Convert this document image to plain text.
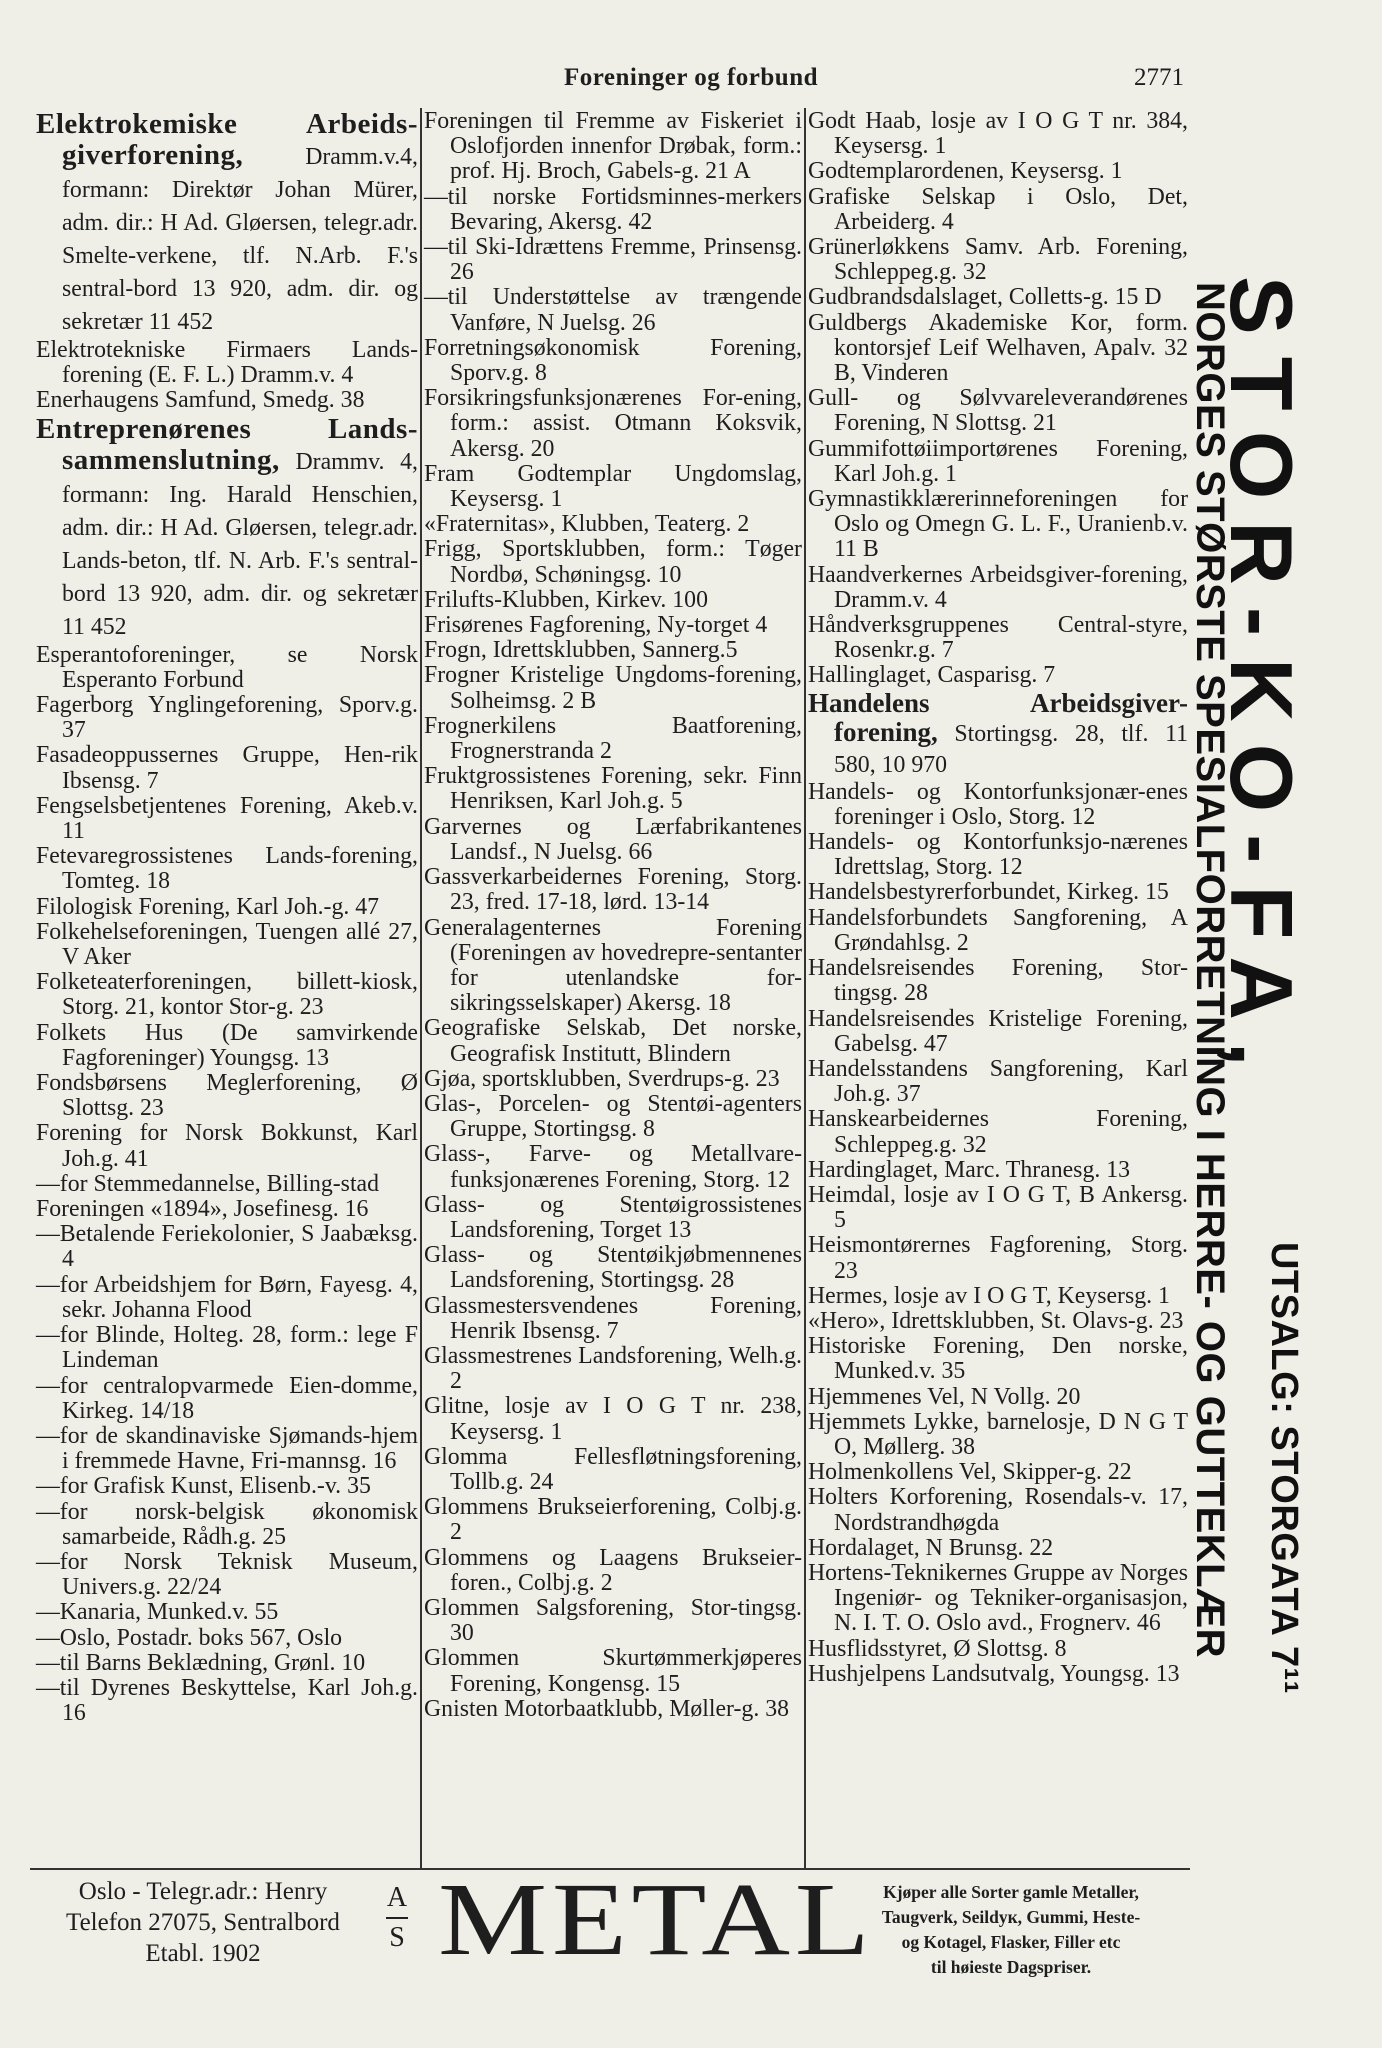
Foreninger og forbund	2771

Elektrokemiske Arbeids-giverforening, Dramm.v.4, formann: Direktør Johan Mürer, adm. dir.: H Ad. Gløersen, telegr.adr. Smelte-verkene, tlf. N.Arb. F.'s sentral-bord 13 920, adm. dir. og sekretær 11 452

Elektrotekniske Firmaers Lands-forening (E. F. L.) Dramm.v. 4

Enerhaugens Samfund, Smedg. 38

Entreprenørenes Lands-sammenslutning, Drammv. 4, formann: Ing. Harald Henschien, adm. dir.: H Ad. Gløersen, telegr.adr. Lands-beton, tlf. N. Arb. F.'s sentral-bord 13 920, adm. dir. og sekretær 11 452

Esperantoforeninger, se Norsk Esperanto Forbund

Fagerborg Ynglingeforening, Sporv.g. 37

Fasadeoppussernes Gruppe, Hen-rik Ibsensg. 7

Fengselsbetjentenes Forening, Akeb.v. 11

Fetevaregrossistenes Lands-forening, Tomteg. 18

Filologisk Forening, Karl Joh.-g. 47

Folkehelseforeningen, Tuengen allé 27, V Aker

Folketeaterforeningen, billett-kiosk, Storg. 21, kontor Stor-g. 23

Folkets Hus (De samvirkende Fagforeninger) Youngsg. 13

Fondsbørsens Meglerforening, Ø Slottsg. 23

Forening for Norsk Bokkunst, Karl Joh.g. 41

—for Stemmedannelse, Billing-stad

Foreningen «1894», Josefinesg. 16

—Betalende Feriekolonier, S Jaabæksg. 4

—for Arbeidshjem for Børn, Fayesg. 4, sekr. Johanna Flood

—for Blinde, Holteg. 28, form.: lege F Lindeman

—for centralopvarmede Eien-domme, Kirkeg. 14/18

—for de skandinaviske Sjømands-hjem i fremmede Havne, Fri-mannsg. 16

—for Grafisk Kunst, Elisenb.-v. 35

—for norsk-belgisk økonomisk samarbeide, Rådh.g. 25

—for Norsk Teknisk Museum, Univers.g. 22/24

—Kanaria, Munked.v. 55

—Oslo, Postadr. boks 567, Oslo

—til Barns Beklædning, Grønl. 10

—til Dyrenes Beskyttelse, Karl Joh.g. 16

Foreningen til Fremme av Fiskeriet i Oslofjorden innenfor Drøbak, form.: prof. Hj. Broch, Gabels-g. 21 A

—til norske Fortidsminnes-merkers Bevaring, Akersg. 42

—til Ski-Idrættens Fremme, Prinsensg. 26

—til Understøttelse av trængende Vanføre, N Juelsg. 26

Forretningsøkonomisk Forening, Sporv.g. 8

Forsikringsfunksjonærenes For-ening, form.: assist. Otmann Koksvik, Akersg. 20

Fram Godtemplar Ungdomslag, Keysersg. 1

«Fraternitas», Klubben, Teaterg. 2

Frigg, Sportsklubben, form.: Tøger Nordbø, Schøningsg. 10

Frilufts-Klubben, Kirkev. 100

Frisørenes Fagforening, Ny-torget 4

Frogn, Idrettsklubben, Sannerg.5

Frogner Kristelige Ungdoms-forening, Solheimsg. 2 B

Frognerkilens Baatforening, Frognerstranda 2

Fruktgrossistenes Forening, sekr. Finn Henriksen, Karl Joh.g. 5

Garvernes og Lærfabrikantenes Landsf., N Juelsg. 66

Gassverkarbeidernes Forening, Storg. 23, fred. 17-18, lørd. 13-14

Generalagenternes Forening (Foreningen av hovedrepre-sentanter for utenlandske for-sikringsselskaper) Akersg. 18

Geografiske Selskab, Det norske, Geografisk Institutt, Blindern

Gjøa, sportsklubben, Sverdrups-g. 23

Glas-, Porcelen- og Stentøi-agenters Gruppe, Stortingsg. 8

Glass-, Farve- og Metallvare-funksjonærenes Forening, Storg. 12

Glass- og Stentøigrossistenes Landsforening, Torget 13

Glass- og Stentøikjøbmennenes Landsforening, Stortingsg. 28

Glassmestersvendenes Forening, Henrik Ibsensg. 7

Glassmestrenes Landsforening, Welh.g. 2

Glitne, losje av I O G T nr. 238, Keysersg. 1

Glomma Fellesfløtningsforening, Tollb.g. 24

Glommens Brukseierforening, Colbj.g. 2

Glommens og Laagens Brukseier-foren., Colbj.g. 2

Glommen Salgsforening, Stor-tingsg. 30

Glommen Skurtømmerkjøperes Forening, Kongensg. 15

Gnisten Motorbaatklubb, Møller-g. 38

Godt Haab, losje av I O G T nr. 384, Keysersg. 1

Godtemplarordenen, Keysersg. 1

Grafiske Selskap i Oslo, Det, Arbeiderg. 4

Grünerløkkens Samv. Arb. Forening, Schleppeg.g. 32

Gudbrandsdalslaget, Colletts-g. 15 D

Guldbergs Akademiske Kor, form. kontorsjef Leif Welhaven, Apalv. 32 B, Vinderen

Gull- og Sølvvareleverandørenes Forening, N Slottsg. 21

Gummifottøiimportørenes Forening, Karl Joh.g. 1

Gymnastikklærerinneforeningen for Oslo og Omegn G. L. F., Uranienb.v. 11 B

Haandverkernes Arbeidsgiver-forening, Dramm.v. 4

Håndverksgruppenes Central-styre, Rosenkr.g. 7

Hallinglaget, Casparisg. 7

Handelens Arbeidsgiver-forening, Stortingsg. 28, tlf. 11 580, 10 970

Handels- og Kontorfunksjonær-enes foreninger i Oslo, Storg. 12

Handels- og Kontorfunksjo-nærenes Idrettslag, Storg. 12

Handelsbestyrerforbundet, Kirkeg. 15

Handelsforbundets Sangforening, A Grøndahlsg. 2

Handelsreisendes Forening, Stor-tingsg. 28

Handelsreisendes Kristelige Forening, Gabelsg. 47

Handelsstandens Sangforening, Karl Joh.g. 37

Hanskearbeidernes Forening, Schleppeg.g. 32

Hardinglaget, Marc. Thranesg. 13

Heimdal, losje av I O G T, B Ankersg. 5

Heismontørernes Fagforening, Storg. 23

Hermes, losje av I O G T, Keysersg. 1

«Hero», Idrettsklubben, St. Olavs-g. 23

Historiske Forening, Den norske, Munked.v. 35

Hjemmenes Vel, N Vollg. 20

Hjemmets Lykke, barnelosje, D N G T O, Møllerg. 38

Holmenkollens Vel, Skipper-g. 22

Holters Korforening, Rosendals-v. 17, Nordstrandhøgda

Hordalaget, N Brunsg. 22

Hortens-Teknikernes Gruppe av Norges Ingeniør- og Tekniker-organisasjon, N. I. T. O. Oslo avd., Frognerv. 46

Husflidsstyret, Ø Slottsg. 8

Hushjelpens Landsutvalg, Youngsg. 13

STOR-KO-FA,
NORGES STØRSTE SPESIALFORRETNING I HERRE- OG GUTTEKLÆR UTSALG: STORGATA 7¹¹
Oslo - Telegr.adr.: Henry
Telefon 27075, Sentralbord
Etabl. 1902
A
S METAL Kjøper alle Sorter gamle Metaller,
Taugverk, Seildук, Gummi, Heste-
og Kotagel, Flasker, Filler etc
til høieste Dagspriser.
